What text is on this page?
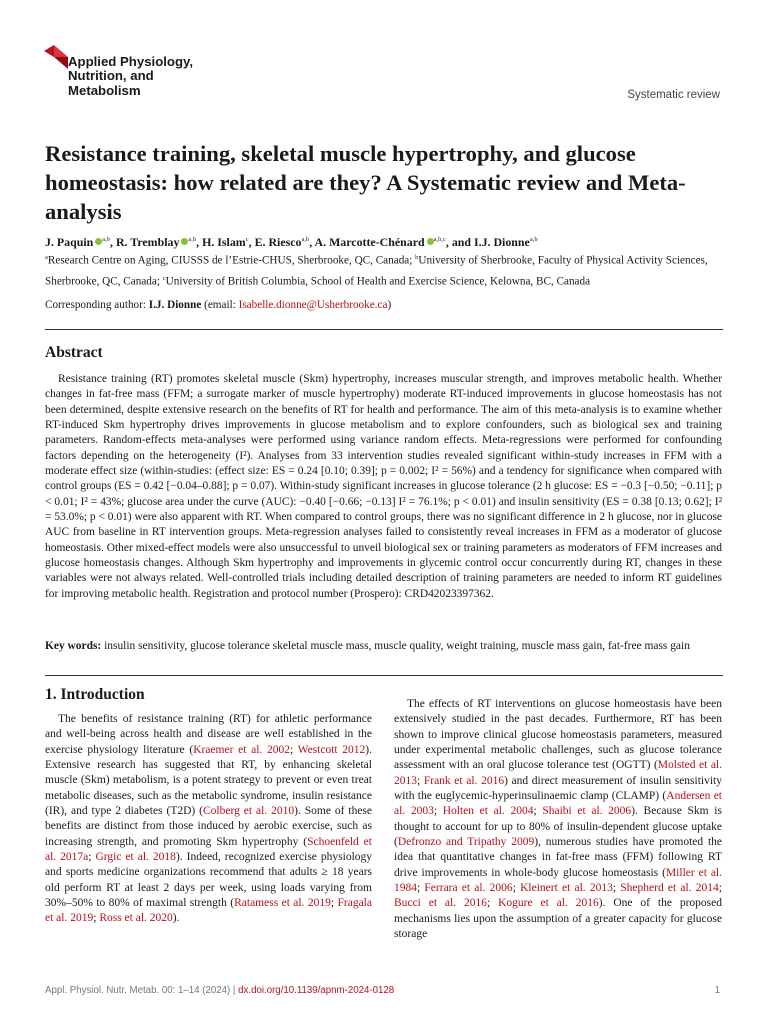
Applied Physiology,
Nutrition, and
Metabolism	Systematic review
Resistance training, skeletal muscle hypertrophy, and glucose homeostasis: how related are they? A Systematic review and Meta-analysis
J. Paquin $^{a,b}$, R. Tremblay $^{a,b}$, H. Islam$^c$, E. Riesco$^{a,b}$, A. Marcotte-Chénard $^{a,b,c}$, and I.J. Dionne$^{a,b}$
$^a$Research Centre on Aging, CIUSSS de l’Estrie-CHUS, Sherbrooke, QC, Canada; $^b$University of Sherbrooke, Faculty of Physical Activity Sciences, Sherbrooke, QC, Canada; $^c$University of British Columbia, School of Health and Exercise Science, Kelowna, BC, Canada
Corresponding author: I.J. Dionne (email: Isabelle.dionne@Usherbrooke.ca)
Abstract
Resistance training (RT) promotes skeletal muscle (Skm) hypertrophy, increases muscular strength, and improves metabolic health. Whether changes in fat-free mass (FFM; a surrogate marker of muscle hypertrophy) moderate RT-induced improvements in glucose homeostasis has not been determined, despite extensive research on the benefits of RT for health and performance. The aim of this meta-analysis is to examine whether RT-induced Skm hypertrophy drives improvements in glucose metabolism and to explore confounders, such as biological sex and training parameters. Random-effects meta-analyses were performed using variance random effects. Meta-regressions were performed for confounding factors depending on the heterogeneity (I²). Analyses from 33 intervention studies revealed significant within-study increases in FFM with a moderate effect size (within-studies: (effect size: ES = 0.24 [0.10; 0.39]; p = 0.002; I² = 56%) and a tendency for significance when compared with control groups (ES = 0.42 [−0.04–0.88]; p = 0.07). Within-study significant increases in glucose tolerance (2 h glucose: ES = −0.3 [−0.50; −0.11]; p < 0.01; I² = 43%; glucose area under the curve (AUC): −0.40 [−0.66; −0.13] I² = 76.1%; p < 0.01) and insulin sensitivity (ES = 0.38 [0.13; 0.62]; I² = 53.0%; p < 0.01) were also apparent with RT. When compared to control groups, there was no significant difference in 2 h glucose, nor in glucose AUC from baseline in RT intervention groups. Meta-regression analyses failed to consistently reveal increases in FFM as a moderator of glucose homeostasis. Other mixed-effect models were also unsuccessful to unveil biological sex or training parameters as moderators of FFM increases and glucose homeostasis changes. Although Skm hypertrophy and improvements in glycemic control occur concurrently during RT, changes in these variables were not always related. Well-controlled trials including detailed description of training parameters are needed to inform RT guidelines for improving metabolic health. Registration and protocol number (Prospero): CRD42023397362.
Key words: insulin sensitivity, glucose tolerance skeletal muscle mass, muscle quality, weight training, muscle mass gain, fat-free mass gain
1. Introduction
The benefits of resistance training (RT) for athletic performance and well-being across health and disease are well established in the exercise physiology literature (Kraemer et al. 2002; Westcott 2012). Extensive research has suggested that RT, by enhancing skeletal muscle (Skm) metabolism, is a potent strategy to prevent or even treat metabolic diseases, such as the metabolic syndrome, insulin resistance (IR), and type 2 diabetes (T2D) (Colberg et al. 2010). Some of these benefits are distinct from those induced by aerobic exercise, such as increasing strength, and promoting Skm hypertrophy (Schoenfeld et al. 2017a; Grgic et al. 2018). Indeed, recognized exercise physiology and sports medicine organizations recommend that adults ≥ 18 years old perform RT at least 2 days per week, using loads varying from 30%–50% to 80% of maximal strength (Ratamess et al. 2019; Fragala et al. 2019; Ross et al. 2020).
The effects of RT interventions on glucose homeostasis have been extensively studied in the past decades. Furthermore, RT has been shown to improve clinical glucose homeostasis parameters, measured under experimental metabolic challenges, such as glucose tolerance assessment with an oral glucose tolerance test (OGTT) (Molsted et al. 2013; Frank et al. 2016) and direct measurement of insulin sensitivity with the euglycemic-hyperinsulinaemic clamp (CLAMP) (Andersen et al. 2003; Holten et al. 2004; Shaibi et al. 2006). Because Skm is thought to account for up to 80% of insulin-dependent glucose uptake (Defronzo and Tripathy 2009), numerous studies have promoted the idea that quantitative changes in fat-free mass (FFM) following RT drive improvements in whole-body glucose homeostasis (Miller et al. 1984; Ferrara et al. 2006; Kleinert et al. 2013; Shepherd et al. 2014; Bucci et al. 2016; Kogure et al. 2016). One of the proposed mechanisms lies upon the assumption of a greater capacity for glucose storage
Appl. Physiol. Nutr. Metab. 00: 1–14 (2024) | dx.doi.org/10.1139/apnm-2024-0128	1
